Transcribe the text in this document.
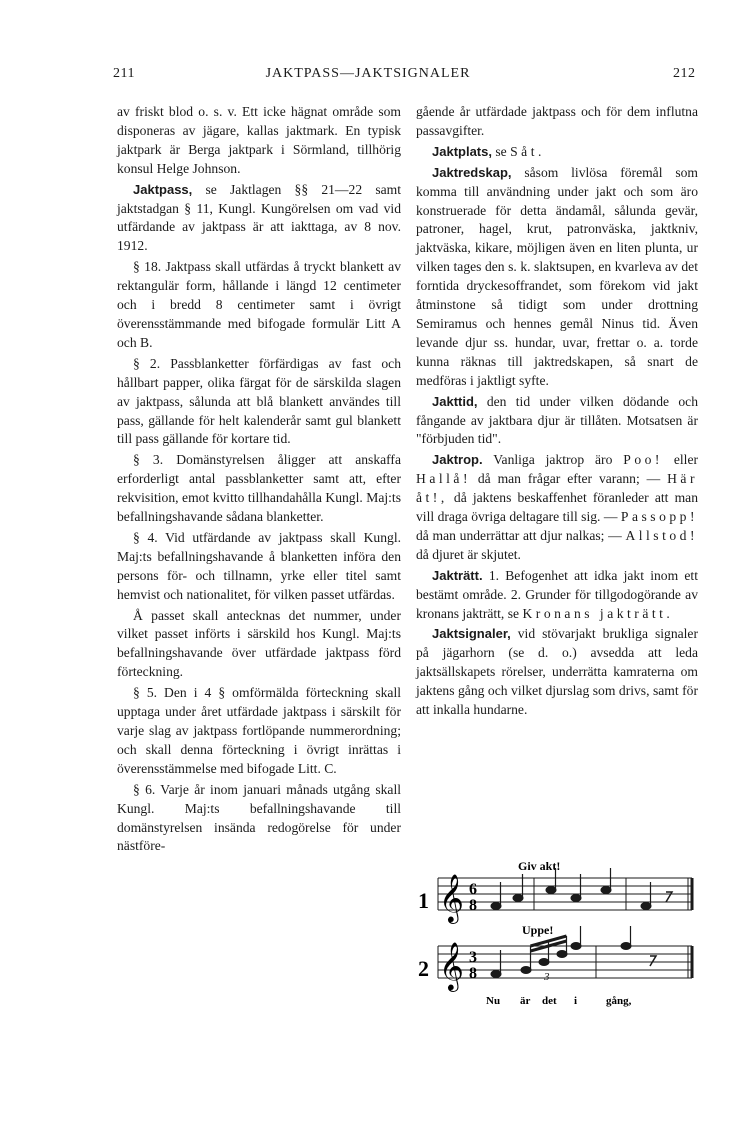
211	JAKTPASS—JAKTSIGNALER	212

av friskt blod o. s. v. Ett icke hägnat område som disponeras av jägare, kallas jaktmark. En typisk jaktpark är Berga jaktpark i Sörmland, tillhörig konsul Helge Johnson.

Jaktpass, se Jaktlagen §§ 21—22 samt jaktstadgan § 11, Kungl. Kungörelsen om vad vid utfärdande av jaktpass är att iakttaga, av 8 nov. 1912.

§ 18. Jaktpass skall utfärdas å tryckt blankett av rektangulär form, hållande i längd 12 centimeter och i bredd 8 centimeter samt i övrigt överensstämmande med bifogade formulär Litt A och B.

§ 2. Passblanketter förfärdigas av fast och hållbart papper, olika färgat för de särskilda slagen av jaktpass, sålunda att blå blankett användes till pass, gällande för helt kalenderår samt gul blankett till pass gällande för kortare tid.

§ 3. Domänstyrelsen åligger att anskaffa erforderligt antal passblanketter samt att, efter rekvisition, emot kvitto tillhandahålla Kungl. Maj:ts befallningshavande sådana blanketter.

§ 4. Vid utfärdande av jaktpass skall Kungl. Maj:ts befallningshavande å blanketten införa den persons för- och tillnamn, yrke eller titel samt hemvist och nationalitet, för vilken passet utfärdas.

Å passet skall antecknas det nummer, under vilket passet införts i särskild hos Kungl. Maj:ts befallningshavande över utfärdade jaktpass förd förteckning.

§ 5. Den i 4 § omförmälda förteckning skall upptaga under året utfärdade jaktpass i särskilt för varje slag av jaktpass fortlöpande nummerordning; och skall denna förteckning i övrigt inrättas i överensstämmelse med bifogade Litt. C.

§ 6. Varje år inom januari månads utgång skall Kungl. Maj:ts befallningshavande till domänstyrelsen insända redogörelse för under nästföre-

gående år utfärdade jaktpass och för dem influtna passavgifter.

Jaktplats, se Såt.

Jaktredskap, såsom livlösa föremål som komma till användning under jakt och som äro konstruerade för detta ändamål, sålunda gevär, patroner, hagel, krut, patronväska, jaktkniv, jaktväska, kikare, möjligen även en liten plunta, ur vilken tages den s. k. slaktsupen, en kvarleva av det forntida dryckesoffrandet, som förekom vid jakt åtminstone så tidigt som under drottning Semiramus och hennes gemål Ninus tid. Även levande djur ss. hundar, uvar, frettar o. a. torde kunna räknas till jaktredskapen, så snart de medföras i jaktligt syfte.

Jakttid, den tid under vilken dödande och fångande av jaktbara djur är tillåten. Motsatsen är "förbjuden tid".

Jaktrop. Vanliga jaktrop äro Poo! eller Hallå! då man frågar efter varann; — Här åt!, då jaktens beskaffenhet föranleder att man vill draga övriga deltagare till sig. — Passopp! då man underrättar att djur nalkas; — Allstod! då djuret är skjutet.

Jakträtt. 1. Befogenhet att idka jakt inom ett bestämt område. 2. Grunder för tillgodogörande av kronans jakträtt, se Kronans jakträtt.

Jaktsignaler, vid stövarjakt brukliga signaler på jägarhorn (se d. o.) avsedda att leda jaktsällskapets rörelser, underrätta kamraterna om jaktens gång och vilket djurslag som drivs, samt för att inkalla hundarne.

Giv akt!
1 𝄞 6
8
Uppe!
2 𝄞 3
8	3
Nu är det i	gång,
